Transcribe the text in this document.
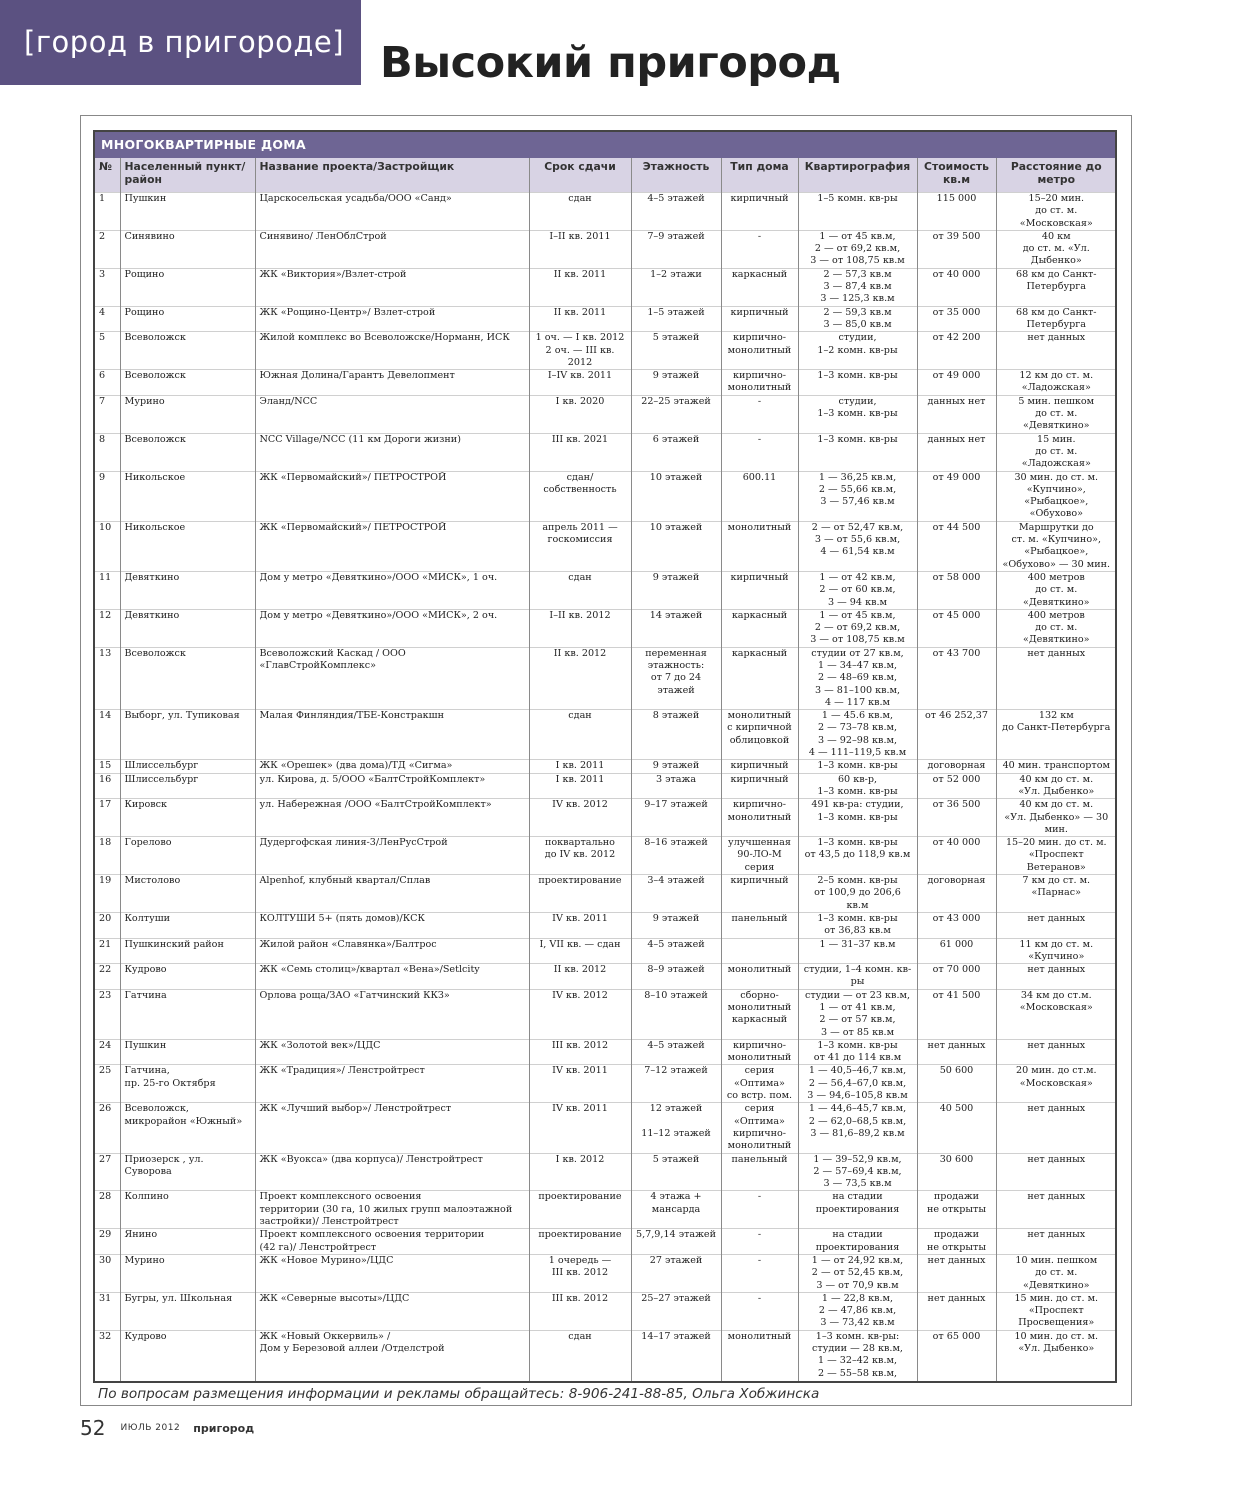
[город в пригороде] Высокий пригород
МНОГОКВАРТИРНЫЕ ДОМА								
№	Населенный пункт/ район	Название проекта/Застройщик	Срок сдачи	Этажность	Тип дома	Квартирография	Стоимость кв.м	Расстояние до метро
1	Пушкин	Царскосельская усадьба/ООО «Санд»	сдан	4–5 этажей	кирпичный	1–5 комн. кв-ры	115 000	15–20 мин.
до ст. м. «Московская»
2	Синявино	Синявино/ ЛенОблСтрой	I–II кв. 2011	7–9 этажей	-	1 — от 45 кв.м,
2 — от 69,2 кв.м,
3 — от 108,75 кв.м	от 39 500	40 км
до ст. м. «Ул. Дыбенко»
3	Рощино	ЖК «Виктория»/Взлет-строй	II кв. 2011	1–2 этажи	каркасный	2 — 57,3 кв.м
3 — 87,4 кв.м
3 — 125,3 кв.м	от 40 000	68 км до Санкт-
Петербурга
4	Рощино	ЖК «Рощино-Центр»/ Взлет-строй	II кв. 2011	1–5 этажей	кирпичный	2 — 59,3 кв.м
3 — 85,0 кв.м	от 35 000	68 км до Санкт-
Петербурга
5	Всеволожск	Жилой комплекс во Всеволожске/Норманн, ИСК	1 оч. — I кв. 2012
2 оч. — III кв. 2012	5 этажей	кирпично-
монолитный	студии,
1–2 комн. кв-ры	от 42 200	нет данных
6	Всеволожск	Южная Долина/Гарантъ Девелопмент	I–IV кв. 2011	9 этажей	кирпично-
монолитный	1–3 комн. кв-ры	от 49 000	12 км до ст. м.
«Ладожская»
7	Мурино	Эланд/NCC	I кв. 2020	22–25 этажей	-	студии,
1–3 комн. кв-ры	данных нет	5 мин. пешком
до ст. м. «Девяткино»
8	Всеволожск	NCC Village/NCC (11 км Дороги жизни)	III кв. 2021	6 этажей	-	1–3 комн. кв-ры	данных нет	15 мин.
до ст. м. «Ладожская»
9	Никольское	ЖК «Первомайский»/ ПЕТРОСТРОЙ	сдан/собственность	10 этажей	600.11	1 — 36,25 кв.м,
2 — 55,66 кв.м,
3 — 57,46 кв.м	от 49 000	30 мин. до ст. м.
«Купчино»,
«Рыбацкое»,
«Обухово»
10	Никольское	ЖК «Первомайский»/ ПЕТРОСТРОЙ	апрель 2011 —
госкомиссия	10 этажей	монолитный	2 — от 52,47 кв.м,
3 — от 55,6 кв.м,
4 — 61,54 кв.м	от 44 500	Маршрутки до
ст. м. «Купчино»,
«Рыбацкое»,
«Обухово» — 30 мин.
11	Девяткино	Дом у метро «Девяткино»/ООО «МИСК», 1 оч.	сдан	9 этажей	кирпичный	1 — от 42 кв.м,
2 — от 60 кв.м,
3 — 94 кв.м	от 58 000	400 метров
до ст. м. «Девяткино»
12	Девяткино	Дом у метро «Девяткино»/ООО «МИСК», 2 оч.	I–II кв. 2012	14 этажей	каркасный	1 — от 45 кв.м,
2 — от 69,2 кв.м,
3 — от 108,75 кв.м	от 45 000	400 метров
до ст. м. «Девяткино»
13	Всеволожск	Всеволожский Каскад / ООО «ГлавСтройКомплекс»	II кв. 2012	переменная
этажность:
от 7 до 24 этажей	каркасный	студии от 27 кв.м,
1 — 34–47 кв.м,
2 — 48–69 кв.м,
3 — 81–100 кв.м,
4 — 117 кв.м	от 43 700	нет данных
14	Выборг, ул. Тупиковая	Малая Финляндия/ТБЕ-Констракшн	сдан	8 этажей	монолитный
с кирпичной
облицовкой	1 — 45.6 кв.м,
2 — 73–78 кв.м,
3 — 92–98 кв.м,
4 — 111–119,5 кв.м	от 46 252,37	132 км
до Санкт-Петербурга
15	Шлиссельбург	ЖК «Орешек» (два дома)/ТД «Сигма»	I кв. 2011	9 этажей	кирпичный	1–3 комн. кв-ры	договорная	40 мин. транспортом
16	Шлиссельбург	ул. Кирова, д. 5/ООО «БалтСтройКомплект»	I кв. 2011	3 этажа	кирпичный	60 кв-р,
1–3 комн. кв-ры	от 52 000	40 км до ст. м.
«Ул. Дыбенко»
17	Кировск	ул. Набережная /ООО «БалтСтройКомплект»	IV кв. 2012	9–17 этажей	кирпично-
монолитный	491 кв-ра: студии,
1–3 комн. кв-ры	от 36 500	40 км до ст. м.
«Ул. Дыбенко» — 30 мин.
18	Горелово	Дудергофская линия-3/ЛенРусСтрой	поквартально
до IV кв. 2012	8–16 этажей	улучшенная
90-ЛО-М серия	1–3 комн. кв-ры
от 43,5 до 118,9 кв.м	от 40 000	15–20 мин. до ст. м.
«Проспект Ветеранов»
19	Мистолово	Alpenhof, клубный квартал/Сплав	проектирование	3–4 этажей	кирпичный	2–5 комн. кв-ры
от 100,9 до 206,6 кв.м	договорная	7 км до ст. м. «Парнас»
20	Колтуши	КОЛТУШИ 5+ (пять домов)/КСК	IV кв. 2011	9 этажей	панельный	1–3 комн. кв-ры
от 36,83 кв.м	от 43 000	нет данных
21	Пушкинский район	Жилой район «Славянка»/Балтрос	I, VII кв. — сдан	4–5 этажей		1 — 31–37 кв.м	61 000	11 км до ст. м. «Купчино»
22	Кудрово	ЖК «Семь столиц»/квартал «Вена»/Setlcity	II кв. 2012	8–9 этажей	монолитный	студии, 1–4 комн. кв-ры	от 70 000	нет данных
23	Гатчина	Орлова роща/ЗАО «Гатчинский ККЗ»	IV кв. 2012	8–10 этажей	сборно-
монолитный
каркасный	студии — от 23 кв.м,
1 — от 41 кв.м,
2 — от 57 кв.м,
3 — от 85 кв.м	от 41 500	34 км до ст.м.
«Московская»
24	Пушкин	ЖК «Золотой век»/ЦДС	III кв. 2012	4–5 этажей	кирпично-
монолитный	1–3 комн. кв-ры
от 41 до 114 кв.м	нет данных	нет данных
25	Гатчина,
пр. 25-го Октября	ЖК «Традиция»/ Ленстройтрест	IV кв. 2011	7–12 этажей	серия
«Оптима»
со встр. пом.	1 — 40,5–46,7 кв.м,
2 — 56,4–67,0 кв.м,
3 — 94,6–105,8 кв.м	50 600	20 мин. до ст.м.
«Московская»
26	Всеволожск,
микрорайон «Южный»	ЖК «Лучший выбор»/ Ленстройтрест	IV кв. 2011	12 этажей

11–12 этажей	серия
«Оптима»
кирпично-
монолитный	1 — 44,6–45,7 кв.м,
2 — 62,0–68,5 кв.м,
3 — 81,6–89,2 кв.м	40 500	нет данных
27	Приозерск , ул. Суворова	ЖК «Вуокса» (два корпуса)/ Ленстройтрест	I кв. 2012	5 этажей	панельный	1 — 39–52,9 кв.м,
2 — 57–69,4 кв.м,
3 — 73,5 кв.м	30 600	нет данных
28	Колпино	Проект комплексного освоения
территории (30 га, 10 жилых групп малоэтажной
застройки)/ Ленстройтрест	проектирование	4 этажа +
мансарда	-	на стадии
проектирования	продажи
не открыты	нет данных
29	Янино	Проект комплексного освоения территории
(42 га)/ Ленстройтрест	проектирование	5,7,9,14 этажей	-	на стадии
проектирования	продажи
не открыты	нет данных
30	Мурино	ЖК «Новое Мурино»/ЦДС	1 очередь —
III кв. 2012	27 этажей	-	1 — от 24,92 кв.м,
2 — от 52,45 кв.м,
3 — от 70,9 кв.м	нет данных	10 мин. пешком
до ст. м. «Девяткино»
31	Бугры, ул. Школьная	ЖК «Северные высоты»/ЦДС	III кв. 2012	25–27 этажей	-	1 — 22,8 кв.м,
2 — 47,86 кв.м,
3 — 73,42 кв.м	нет данных	15 мин. до ст. м.
«Проспект
Просвещения»
32	Кудрово	ЖК «Новый Оккервиль» /
Дом у Березовой аллеи /Отделстрой	сдан	14–17 этажей	монолитный	1–3 комн. кв-ры:
студии — 28 кв.м,
1 — 32–42 кв.м,
2 — 55–58 кв.м,	от 65 000	10 мин. до ст. м.
«Ул. Дыбенко»

По вопросам размещения информации и рекламы обращайтесь: 8-906-241-88-85, Ольга Хобжинска
52 ИЮЛЬ 2012 пригород
